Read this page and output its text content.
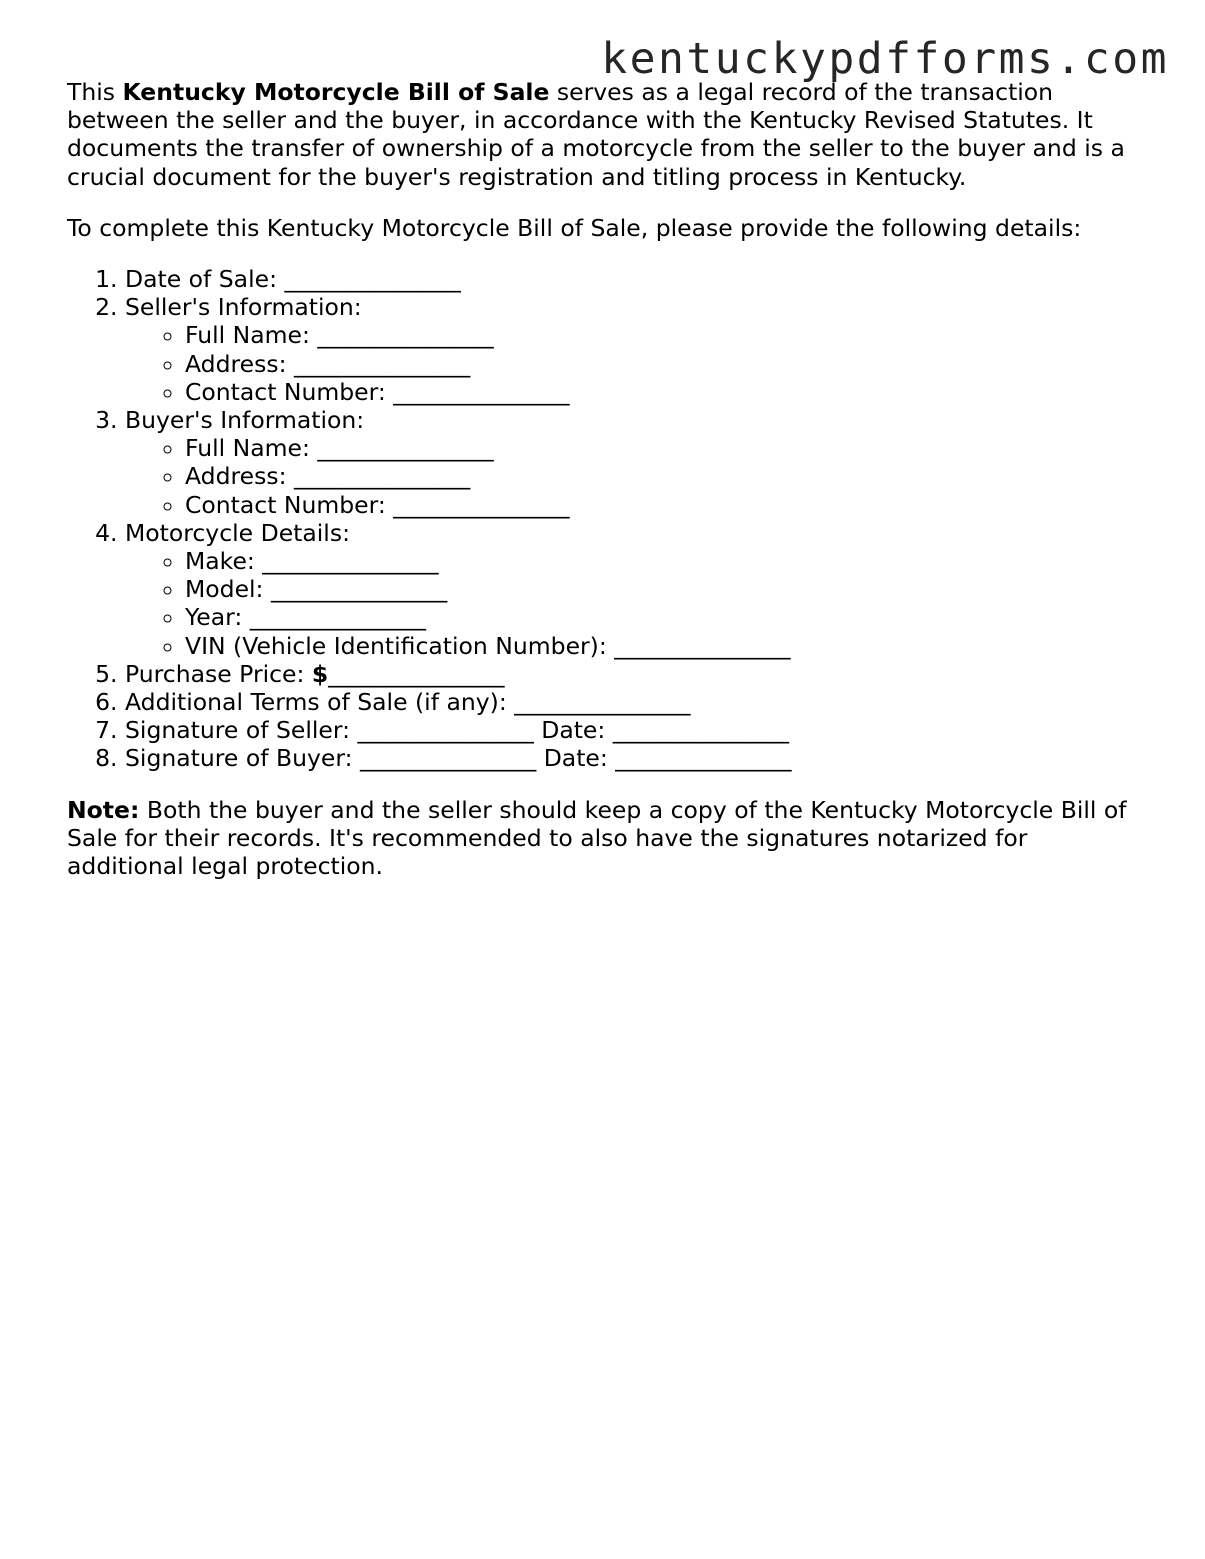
kentuckypdfforms.com

This Kentucky Motorcycle Bill of Sale serves as a legal record of the transaction between the seller and the buyer, in accordance with the Kentucky Revised Statutes. It documents the transfer of ownership of a motorcycle from the seller to the buyer and is a crucial document for the buyer's registration and titling process in Kentucky.

To complete this Kentucky Motorcycle Bill of Sale, please provide the following details:

1. Date of Sale: _______________
2. Seller's Information:
◦ Full Name: _______________
◦ Address: _______________
◦ Contact Number: _______________
3. Buyer's Information:
◦ Full Name: _______________
◦ Address: _______________
◦ Contact Number: _______________
4. Motorcycle Details:
◦ Make: _______________
◦ Model: _______________
◦ Year: _______________
◦ VIN (Vehicle Identification Number): _______________
5. Purchase Price: $_______________
6. Additional Terms of Sale (if any): _______________
7. Signature of Seller: _______________ Date: _______________
8. Signature of Buyer: _______________ Date: _______________

Note: Both the buyer and the seller should keep a copy of the Kentucky Motorcycle Bill of Sale for their records. It's recommended to also have the signatures notarized for additional legal protection.
